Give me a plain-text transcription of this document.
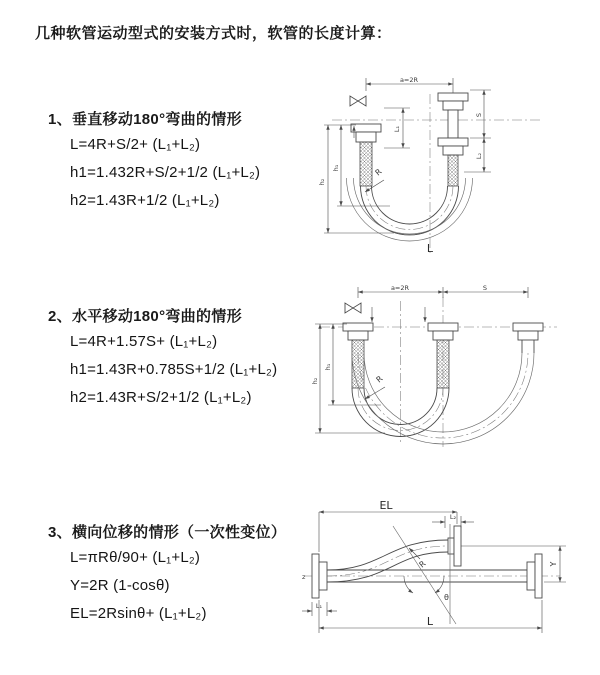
几种软管运动型式的安装方式时，软管的长度计算：
1、垂直移动180°弯曲的情形
L=4R+S/2+ (L₁+L₂)
h1=1.432R+S/2+1/2 (L₁+L₂)
h2=1.43R+1/2 (L₁+L₂)
2、水平移动180°弯曲的情形
L=4R+1.57S+ (L₁+L₂)
h1=1.43R+0.785S+1/2 (L₁+L₂)
h2=1.43R+S/2+1/2 (L₁+L₂)
3、横向位移的情形（一次性变位）
L=πRθ/90+ (L₁+L₂)
Y=2R (1-cosθ)
EL=2Rsinθ+ (L₁+L₂)
a=2R
h₂
h₁
L₁
S
L₂
R
L
a=2R	S
h₂
h₁
R
EL
L₂
Y
L₁
L
θ
R
z
